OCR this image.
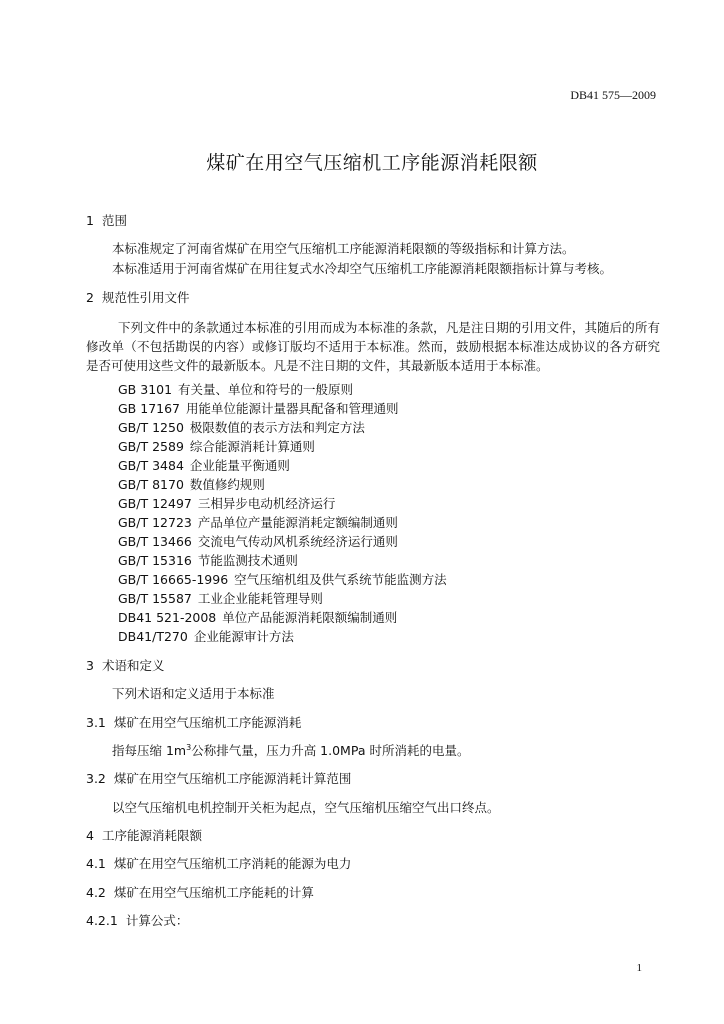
DB41 575—2009
煤矿在用空气压缩机工序能源消耗限额
1 范围
本标准规定了河南省煤矿在用空气压缩机工序能源消耗限额的等级指标和计算方法。
本标准适用于河南省煤矿在用往复式水冷却空气压缩机工序能源消耗限额指标计算与考核。
2 规范性引用文件
下列文件中的条款通过本标准的引用而成为本标准的条款，凡是注日期的引用文件，其随后的所有修改单（不包括勘误的内容）或修订版均不适用于本标准。然而，鼓励根据本标准达成协议的各方研究是否可使用这些文件的最新版本。凡是不注日期的文件，其最新版本适用于本标准。
GB 3101 有关量、单位和符号的一般原则
GB 17167 用能单位能源计量器具配备和管理通则
GB/T 1250 极限数值的表示方法和判定方法
GB/T 2589 综合能源消耗计算通则
GB/T 3484 企业能量平衡通则
GB/T 8170 数值修约规则
GB/T 12497 三相异步电动机经济运行
GB/T 12723 产品单位产量能源消耗定额编制通则
GB/T 13466 交流电气传动风机系统经济运行通则
GB/T 15316 节能监测技术通则
GB/T 16665-1996 空气压缩机组及供气系统节能监测方法
GB/T 15587 工业企业能耗管理导则
DB41 521-2008 单位产品能源消耗限额编制通则
DB41/T270 企业能源审计方法
3 术语和定义
下列术语和定义适用于本标准
3.1 煤矿在用空气压缩机工序能源消耗
指每压缩 $1m^3$公称排气量，压力升高 1.0MPa 时所消耗的电量。
3.2 煤矿在用空气压缩机工序能源消耗计算范围
以空气压缩机电机控制开关柜为起点，空气压缩机压缩空气出口终点。
4 工序能源消耗限额
4.1 煤矿在用空气压缩机工序消耗的能源为电力
4.2 煤矿在用空气压缩机工序能耗的计算
4.2.1 计算公式：
1
